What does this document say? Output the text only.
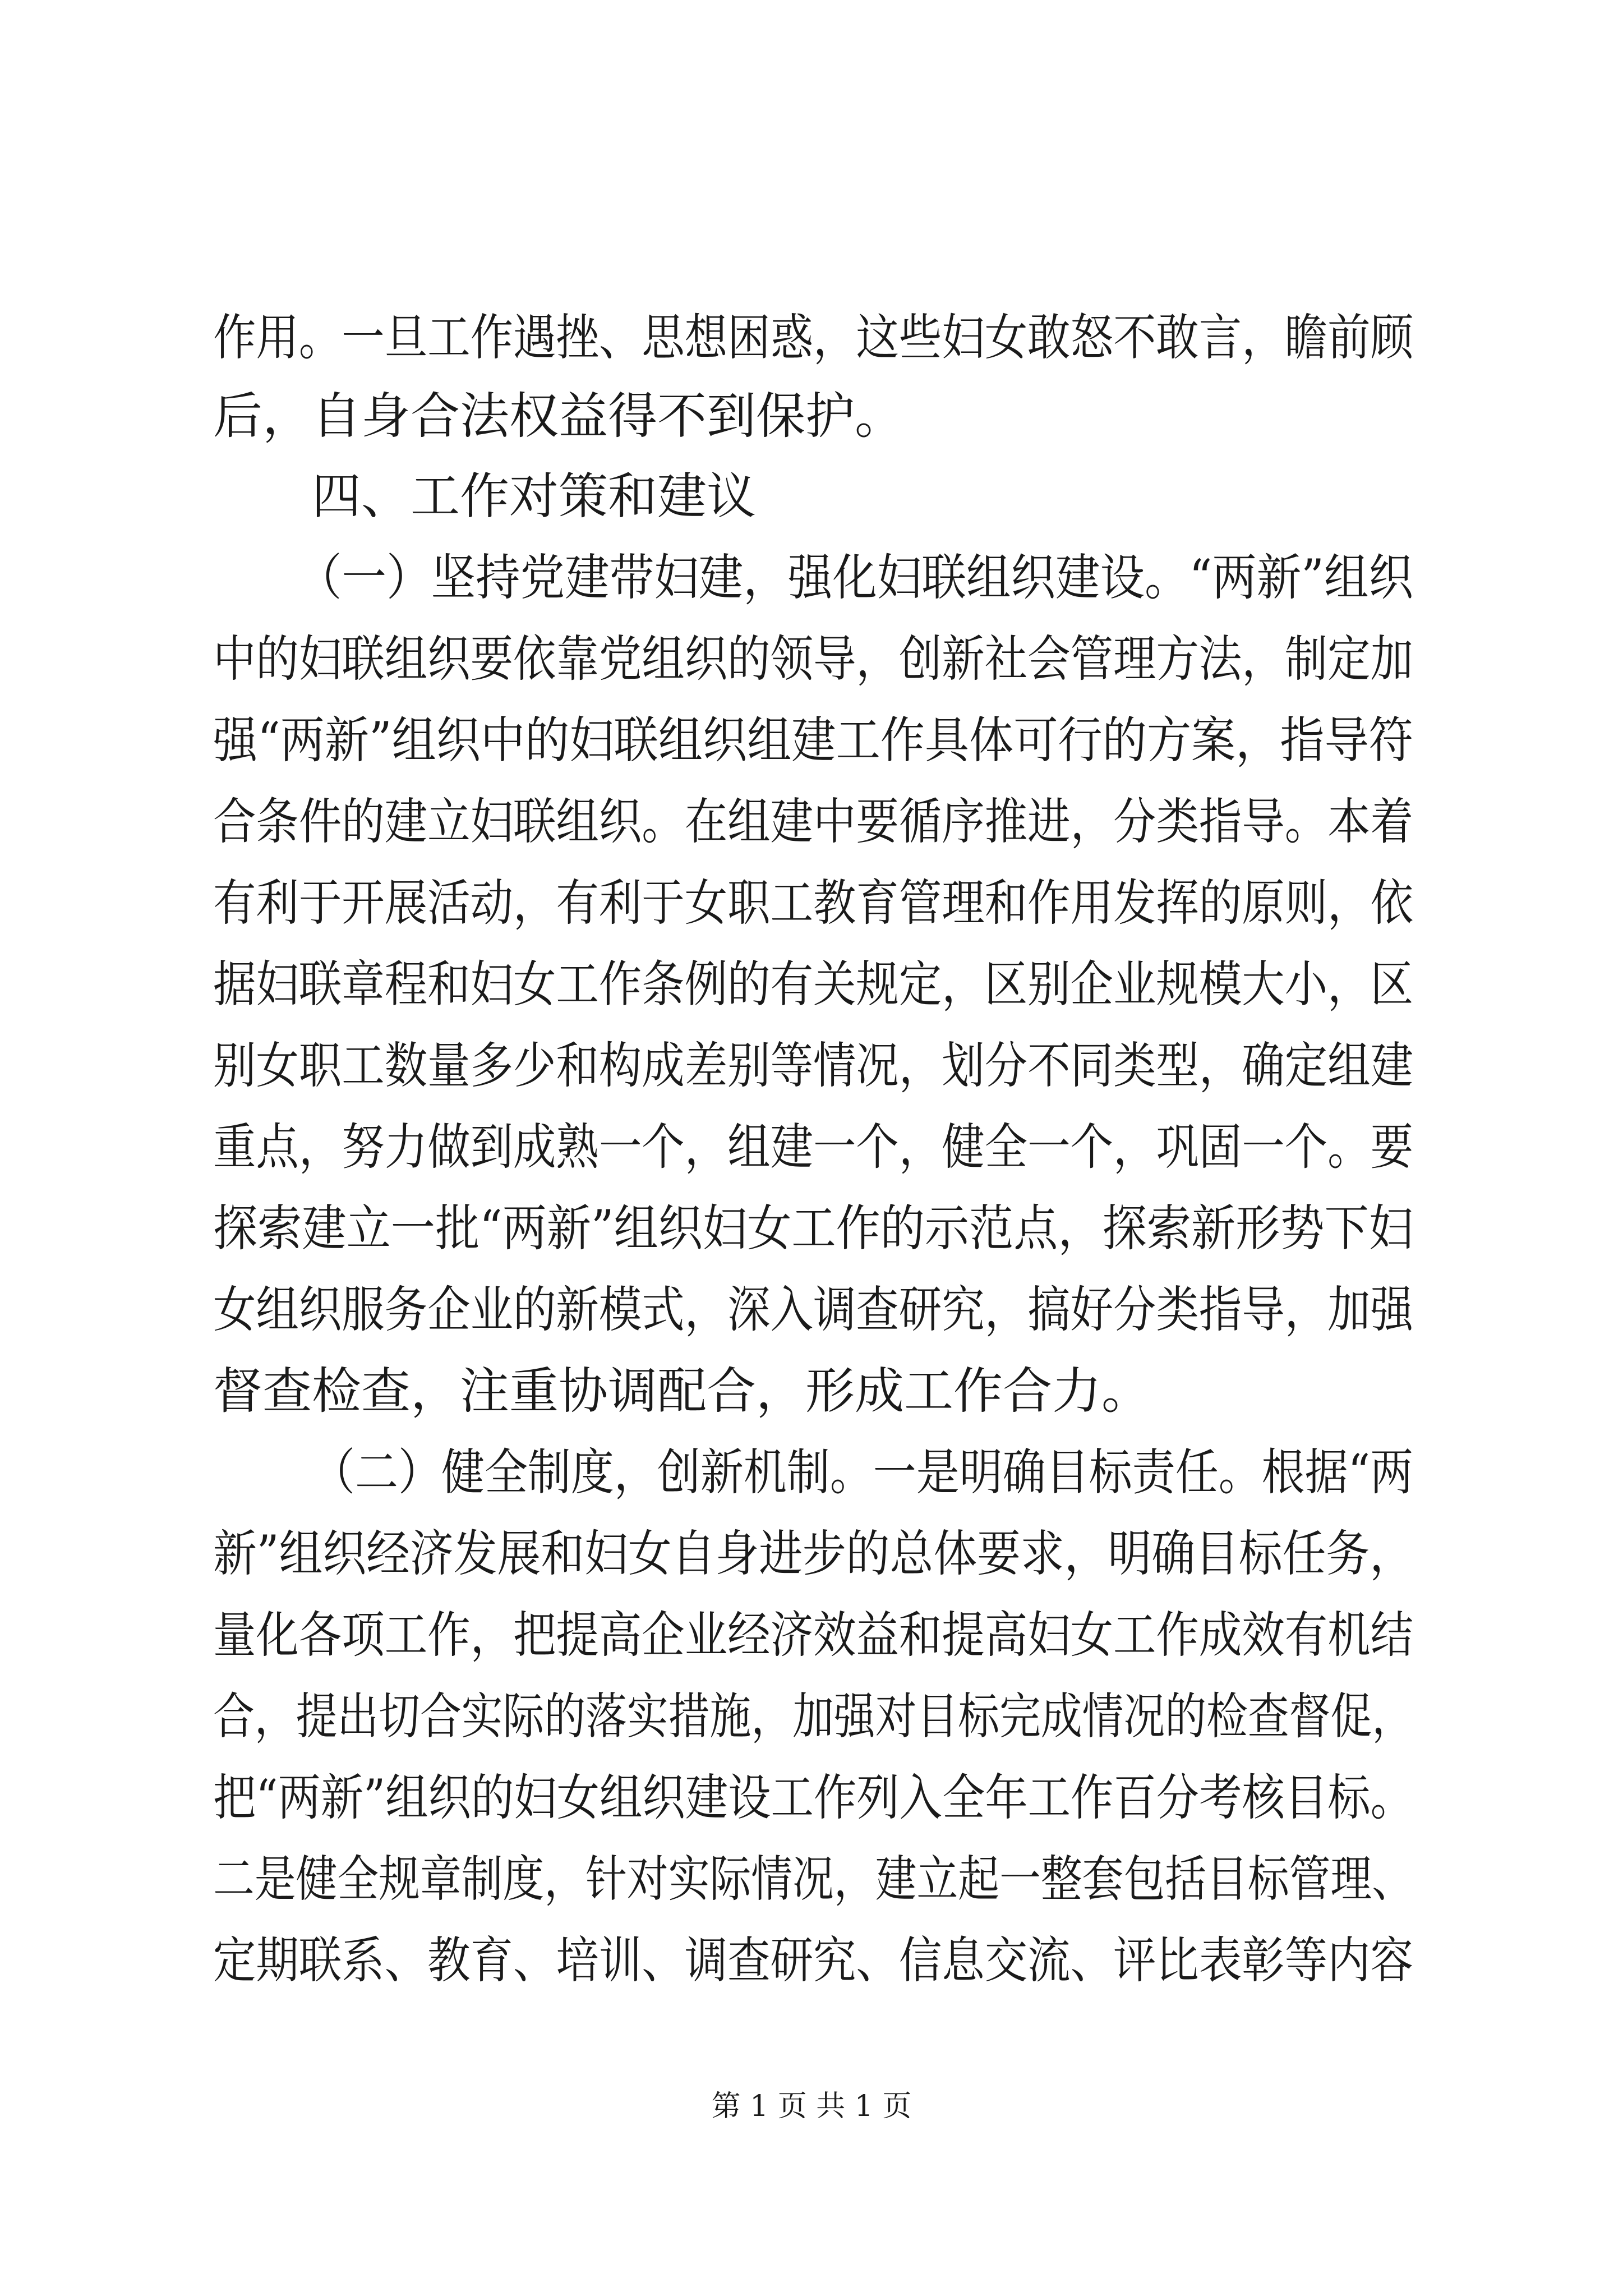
作用。一旦工作遇挫、思想困惑，这些妇女敢怒不敢言，瞻前顾
后，自身合法权益得不到保护。
四、工作对策和建议
（一）坚持党建带妇建，强化妇联组织建设。“两新”组织
中的妇联组织要依靠党组织的领导，创新社会管理方法，制定加
强“两新”组织中的妇联组织组建工作具体可行的方案，指导符
合条件的建立妇联组织。在组建中要循序推进，分类指导。本着
有利于开展活动，有利于女职工教育管理和作用发挥的原则，依
据妇联章程和妇女工作条例的有关规定，区别企业规模大小，区
别女职工数量多少和构成差别等情况，划分不同类型，确定组建
重点，努力做到成熟一个，组建一个，健全一个，巩固一个。要
探索建立一批“两新”组织妇女工作的示范点，探索新形势下妇
女组织服务企业的新模式，深入调查研究，搞好分类指导，加强
督查检查，注重协调配合，形成工作合力。
（二）健全制度，创新机制。一是明确目标责任。根据“两
新”组织经济发展和妇女自身进步的总体要求，明确目标任务，
量化各项工作，把提高企业经济效益和提高妇女工作成效有机结
合，提出切合实际的落实措施，加强对目标完成情况的检查督促，
把“两新”组织的妇女组织建设工作列入全年工作百分考核目标。
二是健全规章制度，针对实际情况，建立起一整套包括目标管理、
定期联系、教育、培训、调查研究、信息交流、评比表彰等内容
第 1 页 共 1 页
